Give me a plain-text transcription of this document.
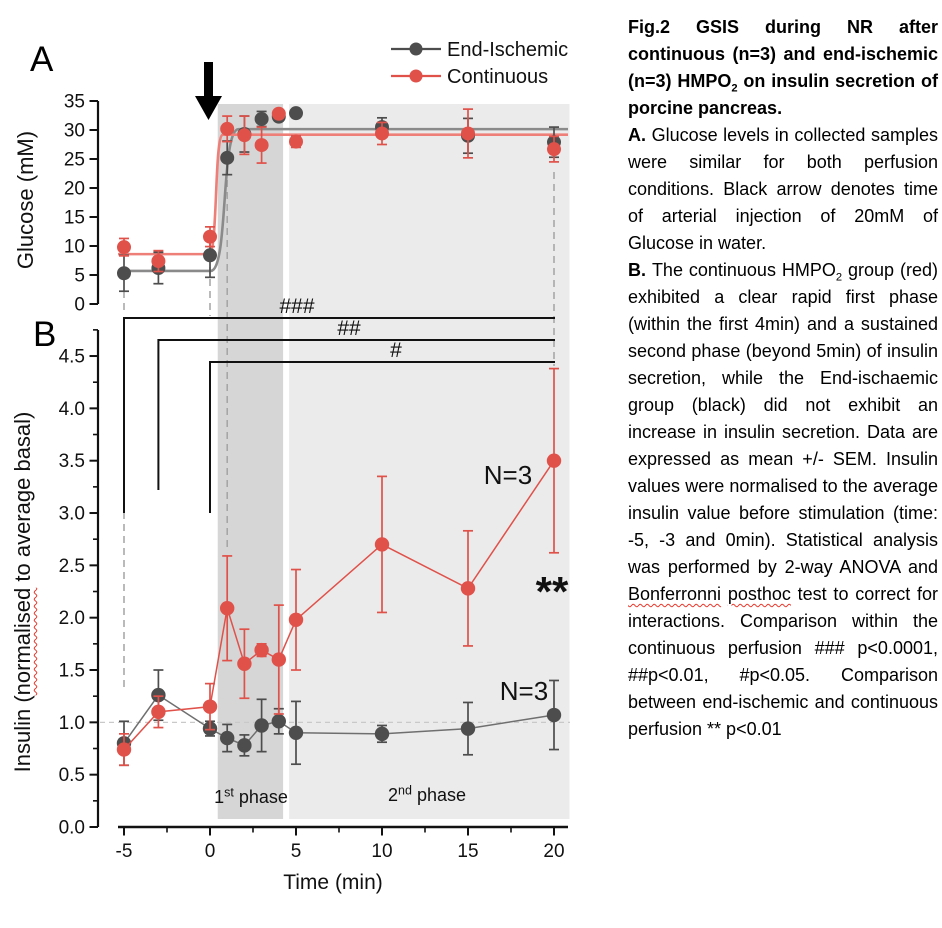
###
##
#
0
5
10
15
20
25
30
35
0.0
0.5
1.0
1.5
2.0
2.5
3.0
3.5
4.0
4.5
-5	0	5	10	15	20
Time (min)
End-Ischemic
Continuous
N=3
N=3
**
1st phase	2nd phase
A
B
Glucose (mM)
Insulin (normalised to average basal)

Fig.2 GSIS during NR after continuous (n=3) and end-ischemic (n=3) $HMPO_2$ on insulin secretion of porcine pancreas.

A. Glucose levels in collected samples were similar for both perfusion conditions. Black arrow denotes time of arterial injection of 20mM of Glucose in water.

B. The continuous $HMPO_2$ group (red) exhibited a clear rapid first phase (within the first 4min) and a sustained second phase (beyond 5min) of insulin secretion, while the End-ischaemic group (black) did not exhibit an increase in insulin secretion. Data are expressed as mean +/- SEM. Insulin values were normalised to the average insulin value before stimulation (time: -5, -3 and 0min). Statistical analysis was performed by 2-way ANOVA and Bonferronni posthoc test to correct for interactions. Comparison within the continuous perfusion ### p<0.0001, ##p<0.01, #p<0.05. Comparison between end-ischemic and continuous perfusion ** p<0.01
